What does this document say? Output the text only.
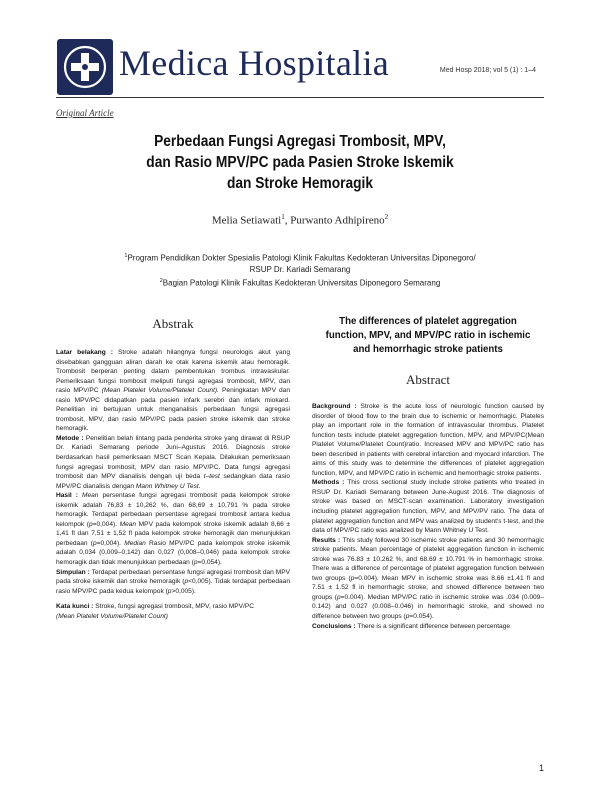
Medica Hospitalia	Med Hosp 2018; vol 5 (1) : 1–4
Original Article
Perbedaan Fungsi Agregasi Trombosit, MPV,
dan Rasio MPV/PC pada Pasien Stroke Iskemik
dan Stroke Hemoragik
Melia Setiawati$^1$, Purwanto Adhipireno$^2$
$^1$Program Pendidikan Dokter Spesialis Patologi Klinik Fakultas Kedokteran Universitas Diponegoro/
RSUP Dr. Kariadi Semarang
$^2$Bagian Patologi Klinik Fakultas Kedokteran Universitas Diponegoro Semarang
Abstrak

Latar belakang : Stroke adalah hilangnya fungsi neurologis akut yang disebabkan gangguan aliran darah ke otak karena iskemik atau hemoragik. Trombosit berperan penting dalam pembentukan trombus intravaskular. Pemeriksaan fungsi trombosit meliputi fungsi agregasi trombosit, MPV, dan rasio MPV/PC (Mean Platelet Volume/Platelet Count). Peningkatan MPV dan rasio MPV/PC didapatkan pada pasien infark serebri dan infark miokard. Penelitian ini bertujuan untuk menganalisis perbedaan fungsi agregasi trombosit, MPV, dan rasio MPV/PC pada pasien stroke iskemik dan stroke hemoragik.

Metode : Penelitian belah lintang pada penderita stroke yang dirawat di RSUP Dr. Kariadi Semarang periode Juni–Agustus 2016. Diagnosis stroke berdasarkan hasil pemeriksaan MSCT Scan Kepala. Dilakukan pemeriksaan fungsi agregasi trombosit, MPV dan rasio MPV/PC. Data fungsi agregasi trombosit dan MPV dianalisis dengan uji beda t–test sedangkan data rasio MPV/PC dianalisis dengan Mann Whitney U Test.

Hasil : Mean persentase fungsi agregasi trombosit pada kelompok stroke iskemik adalah 76,83 ± 10,262 %, dan 68,69 ± 10,791 % pada stroke hemoragik. Terdapat perbedaan persentase agregasi trombosit antara kedua kelompok (p=0,004). Mean MPV pada kelompok stroke iskemik adalah 8,66 ± 1,41 fl dan 7,51 ± 1,52 fl pada kelompok stroke hemoragik dan menunjukkan perbedaan (p=0,004). Median Rasio MPV/PC pada kelompok stroke iskemik adalah 0,034 (0,009–0,142) dan 0,027 (0,008–0,046) pada kelompok stroke hemoragik dan tidak menunjukkan perbedaan (p=0,054).

Simpulan : Terdapat perbedaan persentase fungsi agregasi trombosit dan MPV pada stroke iskemik dan stroke hemoragik (p<0,005). Tidak terdapat perbedaan rasio MPV/PC pada kedua kelompok (p>0,005).

Kata kunci : Stroke, fungsi agregasi trombosit, MPV, rasio MPV/PC
(Mean Platelet Volume/Platelet Count)

The differences of platelet aggregation
function, MPV, and MPV/PC ratio in ischemic
and hemorrhagic stroke patients
Abstract

Background : Stroke is the acute loss of neurologic function caused by disorder of blood flow to the brain due to ischemic or hemorrhagic. Plateles play an important role in the formation of intravascular thrombus. Platelet function tests include platelet aggregation function, MPV, and MPV/PC(Mean Platelet Volume/Platelet Count)ratio. Increased MPV and MPV/PC ratio has been described in patients with cerebral infarction and myocard infarction. The aims of this study was to determine the differences of platelet aggregation function, MPV, and MPV/PC ratio in ischemic and hemorrhagic stroke patients.

Methods : This cross sectional study include stroke patients who treated in RSUP Dr. Kariadi Semarang between June-August 2016. The diagnosis of stroke was based on MSCT-scan examination. Laboratory investigation including platelet aggregation function, MPV, and MPV/PV ratio. The data of platelet aggregation function and MPV was analized by student's t-test, and the data of MPV/PC ratio was analized by Mann Whitney U Test.

Results : This study followed 30 ischemic stroke patients and 30 hemorrhagic stroke patients. Mean percentage of platelet aggregation function in ischemic stroke was 76.83 ± 10.262 %, and 68.69 ± 10.791 % in hemorrhagic stroke. There was a difference of percentage of platelet aggregation function between two groups (p=0.004). Mean MPV in ischemic stroke was 8.66 ±1.41 fl and 7.51 ± 1.52 fl in hemorrhagic stroke, and showed difference between two groups (p=0.004). Median MPV/PC ratio in ischemic stroke was .034 (0.009–0.142) and 0.027 (0.008–0.046) in hemorrhagic stroke, and showed no difference between two groups (p=0.054).

Conclusions : There is a significant difference between percentage

1
